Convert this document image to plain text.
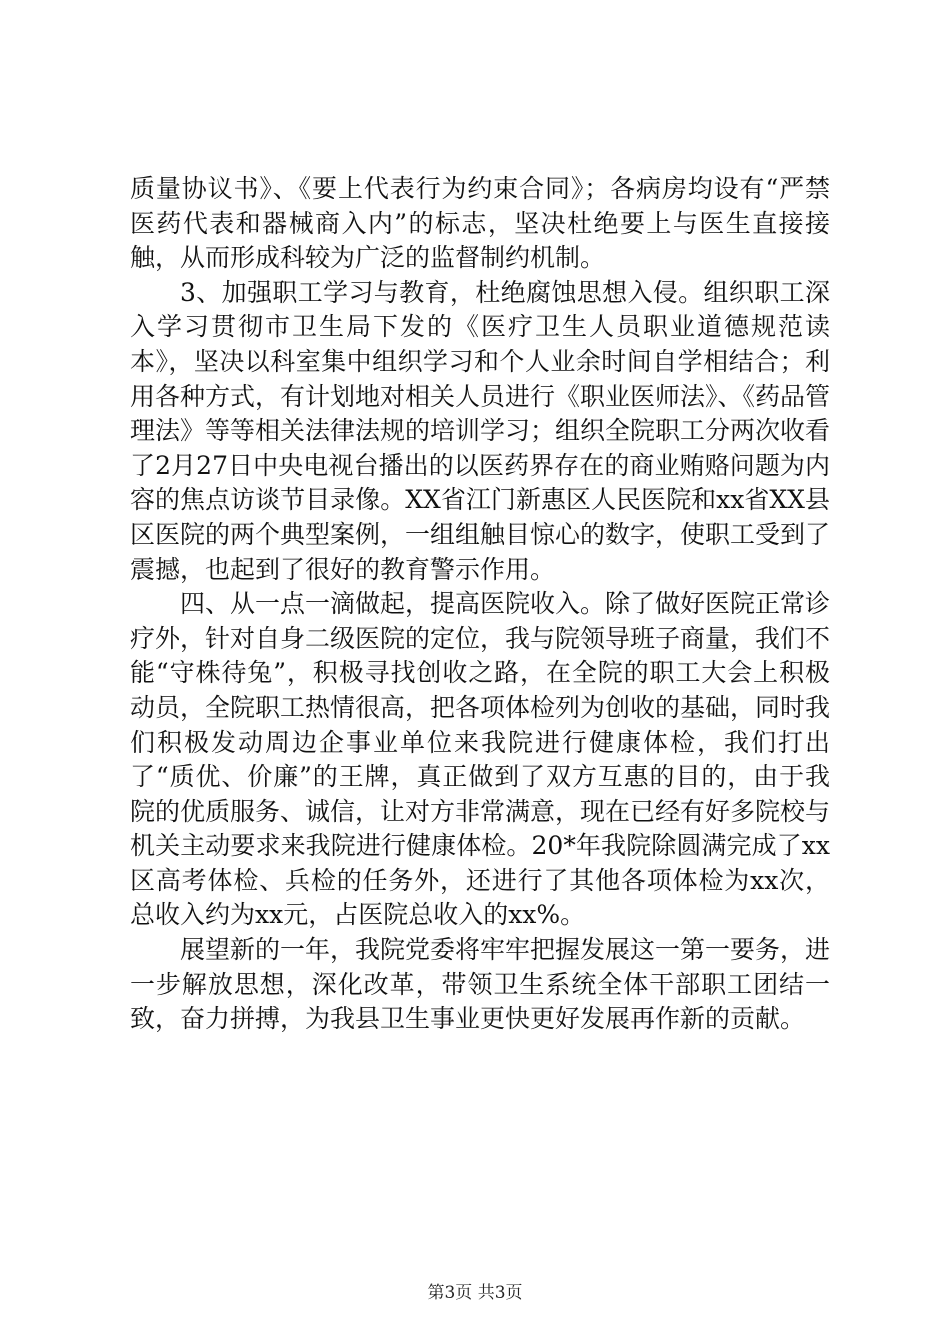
质量协议书》、《要上代表行为约束合同》；各病房均设有“严禁医药代表和器械商入内”的标志，坚决杜绝要上与医生直接接触，从而形成科较为广泛的监督制约机制。

3、加强职工学习与教育，杜绝腐蚀思想入侵。组织职工深入学习贯彻市卫生局下发的《医疗卫生人员职业道德规范读本》，坚决以科室集中组织学习和个人业余时间自学相结合；利用各种方式，有计划地对相关人员进行《职业医师法》、《药品管理法》等等相关法律法规的培训学习；组织全院职工分两次收看了2月27日中央电视台播出的以医药界存在的商业贿赂问题为内容的焦点访谈节目录像。XX省江门新惠区人民医院和xx省XX县区医院的两个典型案例，一组组触目惊心的数字，使职工受到了震撼，也起到了很好的教育警示作用。

四、从一点一滴做起，提高医院收入。除了做好医院正常诊疗外，针对自身二级医院的定位，我与院领导班子商量，我们不能“守株待兔”，积极寻找创收之路，在全院的职工大会上积极动员，全院职工热情很高，把各项体检列为创收的基础，同时我们积极发动周边企事业单位来我院进行健康体检，我们打出了“质优、价廉”的王牌，真正做到了双方互惠的目的，由于我院的优质服务、诚信，让对方非常满意，现在已经有好多院校与机关主动要求来我院进行健康体检。20*年我院除圆满完成了xx区高考体检、兵检的任务外，还进行了其他各项体检为xx次，总收入约为xx元，占医院总收入的xx%。

展望新的一年，我院党委将牢牢把握发展这一第一要务，进一步解放思想，深化改革，带领卫生系统全体干部职工团结一致，奋力拼搏，为我县卫生事业更快更好发展再作新的贡献。

第3页 共3页
